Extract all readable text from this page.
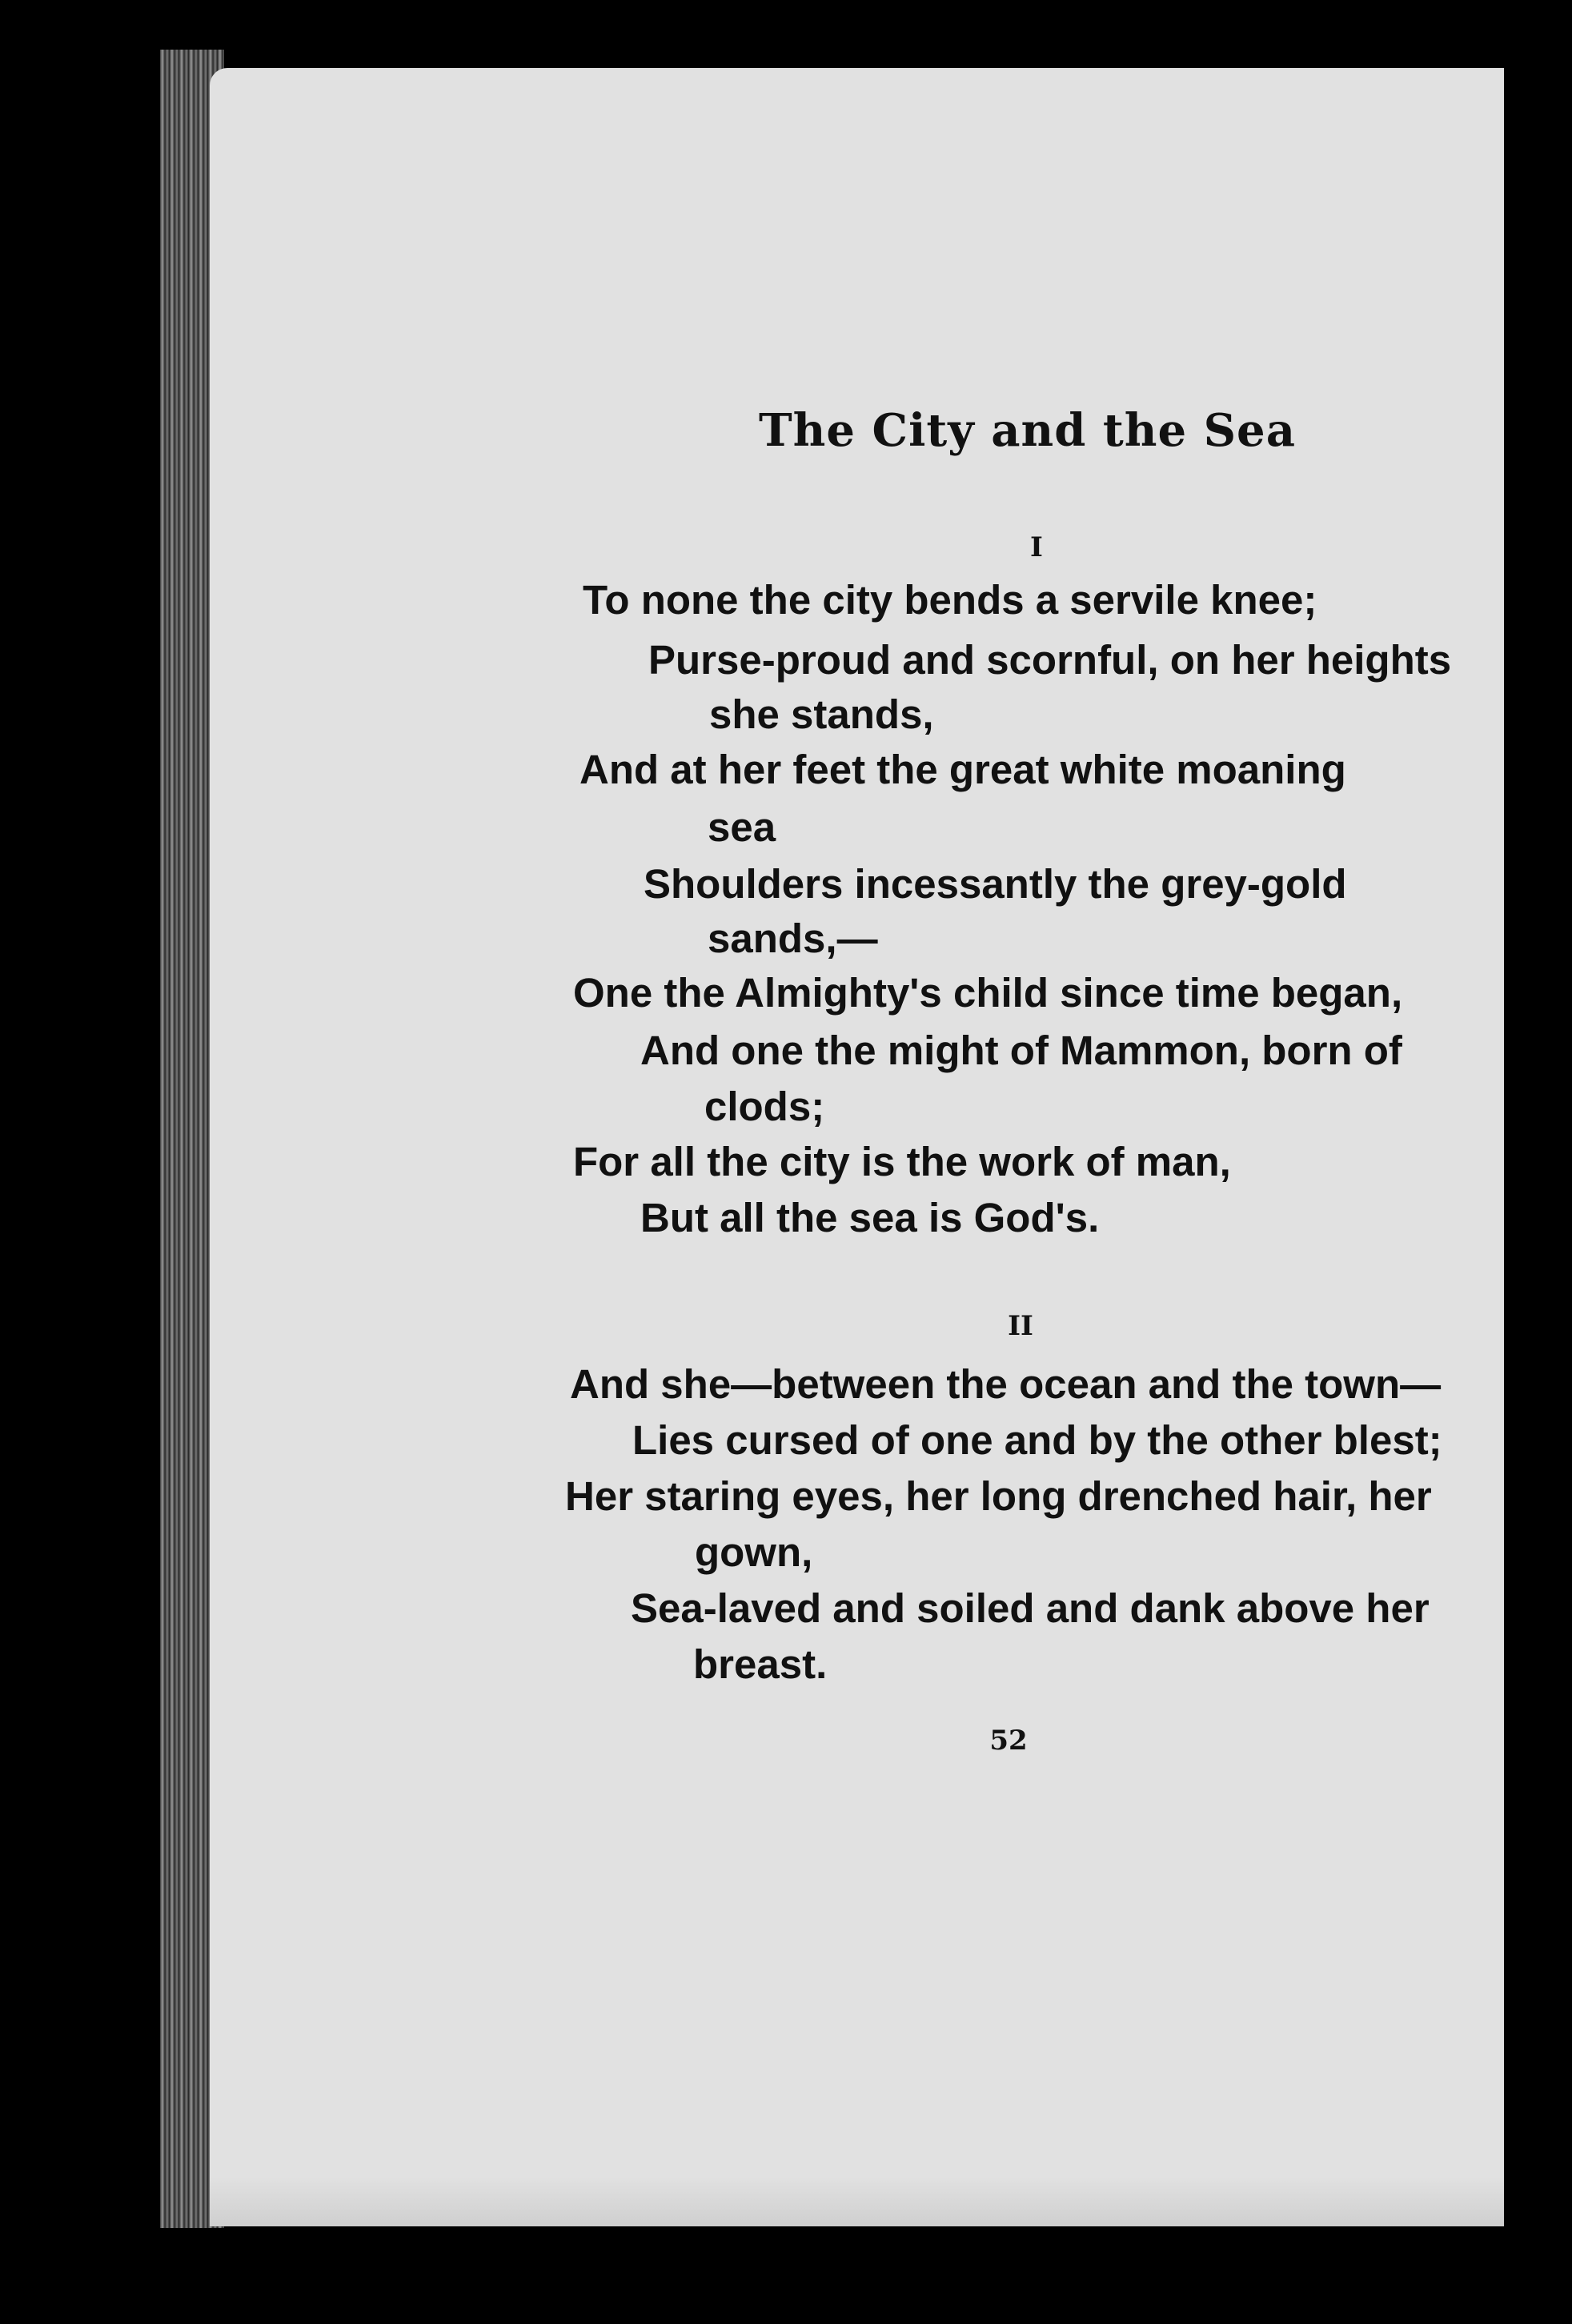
The City and the Sea
I
To none the city bends a servile knee;
Purse-proud and scornful, on her heights
she stands,
And at her feet the great white moaning
sea
Shoulders incessantly the grey-gold
sands,—
One the Almighty's child since time began,
And one the might of Mammon, born of
clods;
For all the city is the work of man,
But all the sea is God's.
II
And she—between the ocean and the town—
Lies cursed of one and by the other blest;
Her staring eyes, her long drenched hair, her
gown,
Sea-laved and soiled and dank above her
breast.
52
